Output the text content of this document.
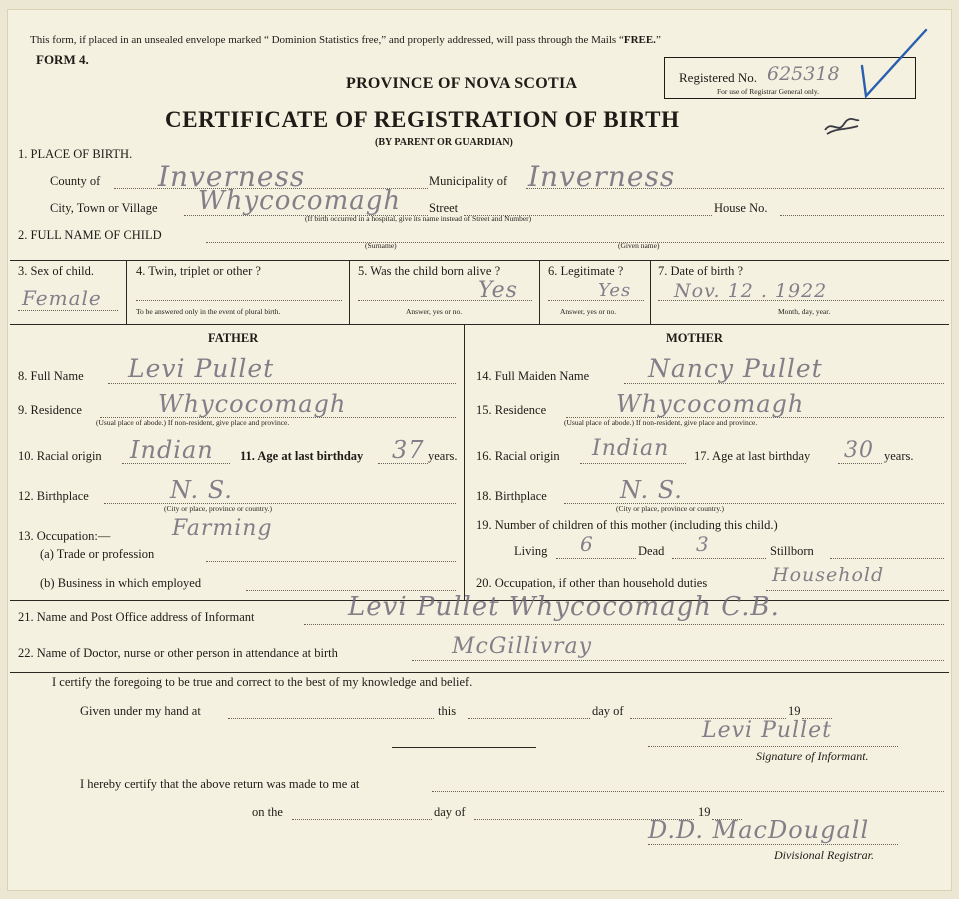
This form, if placed in an unsealed envelope marked “ Dominion Statistics free,” and properly addressed, will pass through the Mails “FREE.”
FORM 4.
PROVINCE OF NOVA SCOTIA	Registered No. 625318
For use of Registrar General only.
CERTIFICATE OF REGISTRATION OF BIRTH
(BY PARENT OR GUARDIAN)
1. PLACE OF BIRTH.
County of Inverness	Municipality of Inverness
City, Town or Village Whycocomagh Street	House No.
(If birth occurred in a hospital, give its name instead of Street and Number)
2. FULL NAME OF CHILD
(Surname)	(Given name)
3. Sex of child.
Female
4. Twin, triplet or other ?
To be answered only in the event of plural birth.
5. Was the child born alive ?
Yes
Answer, yes or no.
6. Legitimate ?
Yes
Answer, yes or no.
7. Date of birth ?
Nov. 12 . 1922
Month, day, year.
FATHER
8. Full Name Levi Pullet
9. Residence	Whycocomagh
(Usual place of abode.) If non-resident, give place and province.
10. Racial origin Indian 11. Age at last birthday 37 years.
12. Birthplace	N. S.
(City or place, province or country.)
13. Occupation:—	Farming
(a) Trade or profession
(b) Business in which employed
MOTHER
14. Full Maiden Name Nancy Pullet
15. Residence	Whycocomagh
(Usual place of abode.) If non-resident, give place and province.
16. Racial origin Indian 17. Age at last birthday 30 years.
18. Birthplace	N. S.
(City or place, province or country.)
19. Number of children of this mother (including this child.)
Living 6	Dead 3	Stillborn
20. Occupation, if other than household duties	Household
21. Name and Post Office address of Informant	Levi Pullet Whycocomagh C.B.
22. Name of Doctor, nurse or other person in attendance at birth	McGillivray
I certify the foregoing to be true and correct to the best of my knowledge and belief.
Given under my hand at	this	day of	19
Levi Pullet
Signature of Informant.
I hereby certify that the above return was made to me at
on the	day of	19
D.D. MacDougall
Divisional Registrar.
